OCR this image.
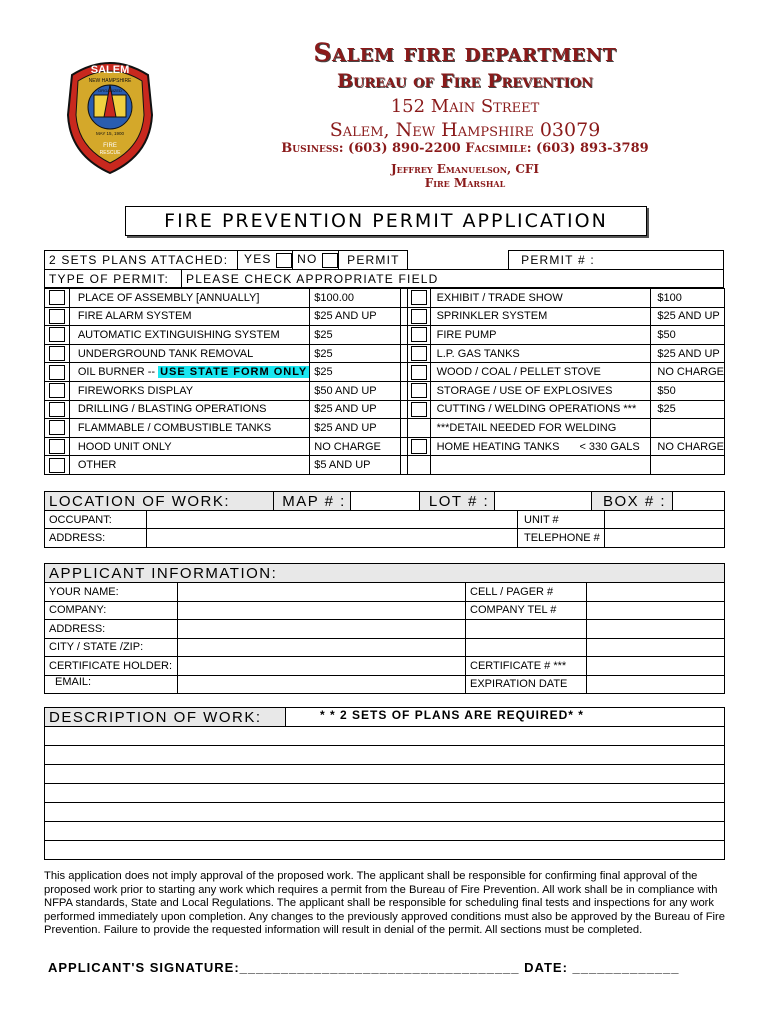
SALEM
NEW HAMPSHIRE
ORGANIZED
MAY 15, 1900
FIRE
RESCUE
Salem fire department
Bureau of Fire Prevention
152 Main Street
Salem, New Hampshire 03079
Business: (603) 890-2200 Facsimile: (603) 893-3789
Jeffrey Emanuelson, CFI
Fire Marshal
FIRE PREVENTION PERMIT APPLICATION
2 SETS PLANS ATTACHED:	YES	NO	PERMIT		PERMIT # :	
TYPE OF PERMIT:	PLEASE CHECK APPROPRIATE FIELD
	PLACE OF ASSEMBLY [ANNUALLY]	$100.00			EXHIBIT / TRADE SHOW	$100
	FIRE ALARM SYSTEM	$25 AND UP			SPRINKLER SYSTEM	$25 AND UP
	AUTOMATIC EXTINGUISHING SYSTEM	$25			FIRE PUMP	$50
	UNDERGROUND TANK REMOVAL	$25			L.P. GAS TANKS	$25 AND UP
	OIL BURNER -- USE STATE FORM ONLY	$25			WOOD / COAL / PELLET STOVE	NO CHARGE
	FIREWORKS DISPLAY	$50 AND UP			STORAGE / USE OF EXPLOSIVES	$50
	DRILLING / BLASTING OPERATIONS	$25 AND UP			CUTTING / WELDING OPERATIONS ***	$25
	FLAMMABLE / COMBUSTIBLE TANKS	$25 AND UP			***DETAIL NEEDED FOR WELDING	
	HOOD UNIT ONLY	NO CHARGE			HOME HEATING TANKS < 330 GALS	NO CHARGE
	OTHER	$5 AND UP				
LOCATION OF WORK:	MAP # :		LOT # :		BOX # :	
OCCUPANT:		UNIT #	
ADDRESS:		TELEPHONE #	
APPLICANT INFORMATION:
YOUR NAME:		CELL / PAGER #	
COMPANY:		COMPANY TEL #	
ADDRESS:			
CITY / STATE /ZIP:			
CERTIFICATE HOLDER:		CERTIFICATE # ***	
EMAIL:		EXPIRATION DATE	
DESCRIPTION OF WORK:	* * 2 SETS OF PLANS ARE REQUIRED* *

This application does not imply approval of the proposed work. The applicant shall be responsible for confirming final approval of the proposed work prior to starting any work which requires a permit from the Bureau of Fire Prevention. All work shall be in compliance with NFPA standards, State and Local Regulations. The applicant shall be responsible for scheduling final tests and inspections for any work performed immediately upon completion. Any changes to the previously approved conditions must also be approved by the Bureau of Fire Prevention. Failure to provide the requested information will result in denial of the permit. All sections must be completed.
APPLICANT'S SIGNATURE:__________________________________ DATE: _____________
